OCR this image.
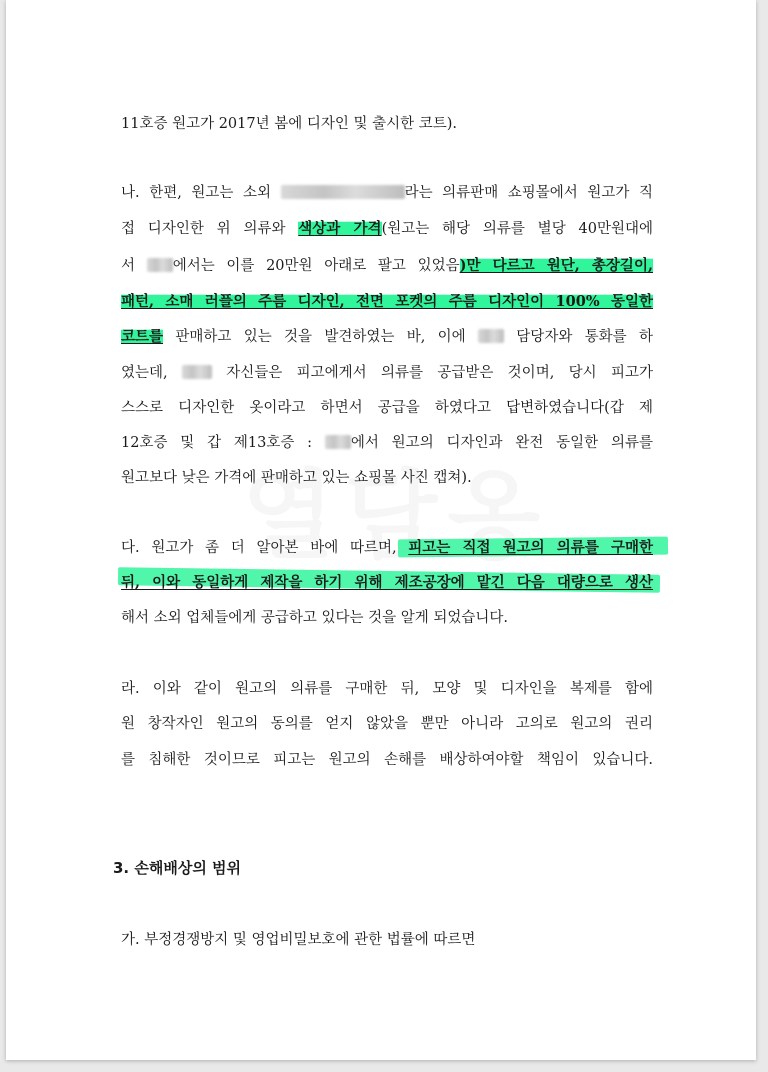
11호증 원고가 2017년 봄에 디자인 및 출시한 코트).
나. 한편, 원고는 소외	라는 의류판매 쇼핑몰에서 원고가 직
접 디자인한 위 의류와 색상과 가격(원고는 해당 의류를 별당 40만원대에
서 에서는 이를 20만원 아래로 팔고 있었음)만 다르고 원단, 총장길이,
패턴, 소매 러플의 주름 디자인, 전면 포켓의 주름 디자인이 100% 동일한
코트를 판매하고 있는 것을 발견하였는 바, 이에  담당자와 통화를 하
였는데,  자신들은 피고에게서 의류를 공급받은 것이며, 당시 피고가
스스로 디자인한 옷이라고 하면서 공급을 하였다고 답변하였습니다(갑 제
12호증 및 갑 제13호증 : 에서 원고의 디자인과 완전 동일한 의류를
원고보다 낮은 가격에 판매하고 있는 쇼핑몰 사진 캡쳐).
다. 원고가 좀 더 알아본 바에 따르며, 피고는 직접 원고의 의류를 구매한
뒤, 이와 동일하게 제작을 하기 위해 제조공장에 맡긴 다음 대량으로 생산
해서 소외 업체들에게 공급하고 있다는 것을 알게 되었습니다.
라. 이와 같이 원고의 의류를 구매한 뒤, 모양 및 디자인을 복제를 함에
원 창작자인 원고의 동의를 얻지 않았을 뿐만 아니라 고의로 원고의 권리
를 침해한 것이므로 피고는 원고의 손해를 배상하여야할 책임이 있습니다.
3. 손해배상의 범위
가. 부정경쟁방지 및 영업비밀보호에 관한 법률에 따르면
